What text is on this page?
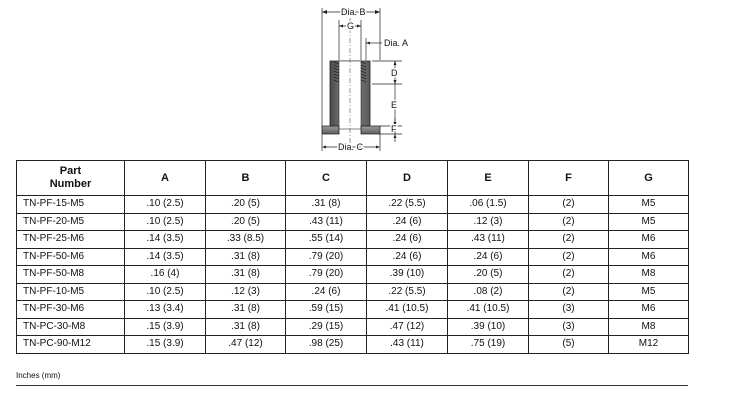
Dia. B
G
Dia. A
D
E
F
Dia. C
Part
Number	A	B	C	D	E	F	G
TN-PF-15-M5	.10 (2.5)	.20 (5)	.31 (8)	.22 (5.5)	.06 (1.5)	(2)	M5
TN-PF-20-M5	.10 (2.5)	.20 (5)	.43 (11)	.24 (6)	.12 (3)	(2)	M5
TN-PF-25-M6	.14 (3.5)	.33 (8.5)	.55 (14)	.24 (6)	.43 (11)	(2)	M6
TN-PF-50-M6	.14 (3.5)	.31 (8)	.79 (20)	.24 (6)	.24 (6)	(2)	M6
TN-PF-50-M8	.16 (4)	.31 (8)	.79 (20)	.39 (10)	.20 (5)	(2)	M8
TN-PF-10-M5	.10 (2.5)	.12 (3)	.24 (6)	.22 (5.5)	.08 (2)	(2)	M5
TN-PF-30-M6	.13 (3.4)	.31 (8)	.59 (15)	.41 (10.5)	.41 (10.5)	(3)	M6
TN-PC-30-M8	.15 (3.9)	.31 (8)	.29 (15)	.47 (12)	.39 (10)	(3)	M8
TN-PC-90-M12	.15 (3.9)	.47 (12)	.98 (25)	.43 (11)	.75 (19)	(5)	M12
Inches (mm)
